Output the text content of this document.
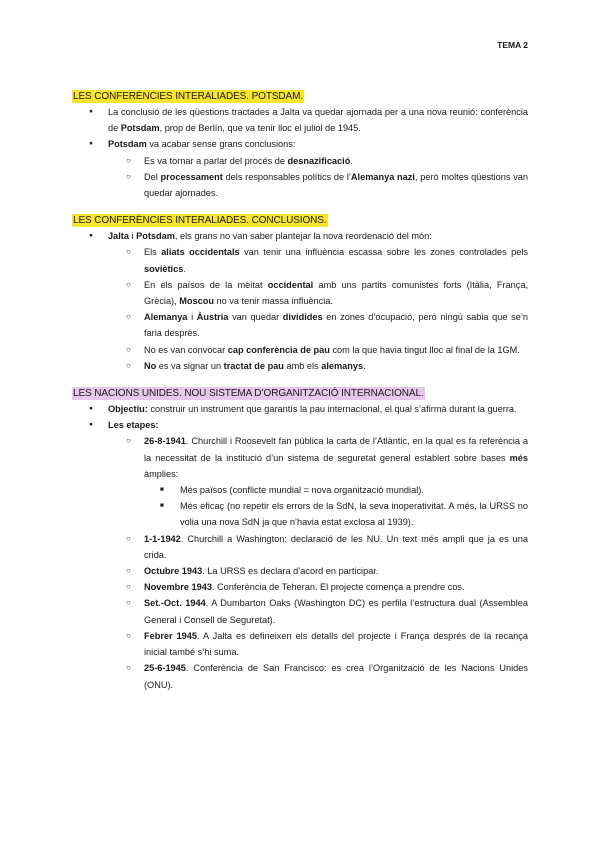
TEMA 2
LES CONFERÈNCIES INTERALIADES. POTSDAM.
● La conclusió de les qüestions tractades a Jalta va quedar ajornada per a una nova reunió: conferència de Potsdam, prop de Berlín, que va tenir lloc el juliol de 1945.
● Potsdam va acabar sense grans conclusions:
○ Es va tornar a parlar del procés de desnazificació.
○ Del processament dels responsables polítics de l’Alemanya nazi, però moltes qüestions van quedar ajornades.
LES CONFERÈNCIES INTERALIADES. CONCLUSIONS.
● Jalta i Potsdam, els grans no van saber plantejar la nova reordenació del món:
○ Els aliats occidentals van tenir una influència escassa sobre les zones controlades pels soviètics.
○ En els països de la meitat occidental amb uns partits comunistes forts (Itàlia, França, Grècia), Moscou no va tenir massa influència.
○ Alemanya i Àustria van quedar dividides en zones d’ocupació, però ningú sabia que se’n faria després.
○ No es van convocar cap conferència de pau com la que havia tingut lloc al final de la 1GM.
○ No es va signar un tractat de pau amb els alemanys.
LES NACIONS UNIDES. NOU SISTEMA D’ORGANITZACIÓ INTERNACIONAL.
● Objectiu: construir un instrument que garantís la pau internacional, el qual s’afirmà durant la guerra.
● Les etapes:
○ 26-8-1941. Churchill i Roosevelt fan pública la carta de l’Atlàntic, en la qual es fa referència a la necessitat de la institució d’un sistema de seguretat general establert sobre bases més àmplies:
■ Més països (conflicte mundial = nova organització mundial).
■ Més eficaç (no repetir els errors de la SdN, la seva inoperativitat. A més, la URSS no volia una nova SdN ja que n’havia estat exclosa al 1939).
○ 1-1-1942. Churchill a Washington: declaració de les NU. Un text més ampli que ja es una crida.
○ Octubre 1943. La URSS es declara d’acord en participar.
○ Novembre 1943. Conferència de Teheran. El projecte comença a prendre cos.
○ Set.-Oct. 1944. A Dumbarton Oaks (Washington DC) es perfila l’estructura dual (Assemblea General i Consell de Seguretat).
○ Febrer 1945. A Jalta es defineixen els detalls del projecte i França després de la recança inicial també s’hi suma.
○ 25-6-1945. Conferència de San Francisco: es crea l’Organització de les Nacions Unides (ONU).
